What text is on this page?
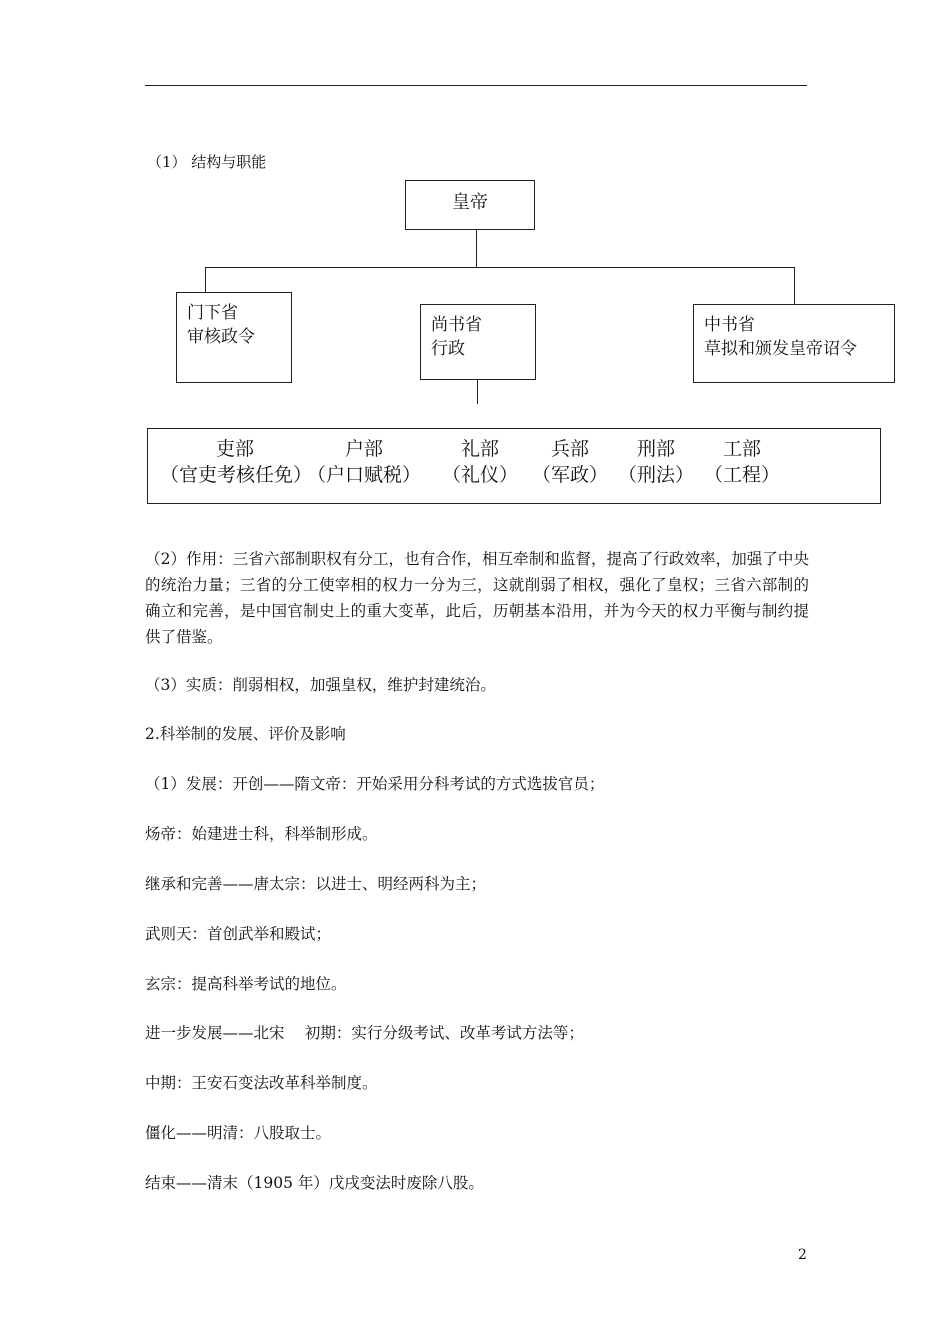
（1） 结构与职能
皇帝
门下省
审核政令
尚书省
行政
中书省
草拟和颁发皇帝诏令
吏部
（官吏考核任免）
户部
（户口赋税）
礼部
（礼仪）
兵部
（军政）
刑部
（刑法）
工部
（工程）
（2）作用：三省六部制职权有分工，也有合作，相互牵制和监督，提高了行政效率，加强了中央的统治力量；三省的分工使宰相的权力一分为三，这就削弱了相权，强化了皇权；三省六部制的确立和完善，是中国官制史上的重大变革，此后，历朝基本沿用，并为今天的权力平衡与制约提供了借鉴。
（3）实质：削弱相权，加强皇权，维护封建统治。
2.科举制的发展、评价及影响
（1）发展：开创——隋文帝：开始采用分科考试的方式选拔官员；
炀帝：始建进士科，科举制形成。
继承和完善——唐太宗：以进士、明经两科为主；
武则天：首创武举和殿试；
玄宗：提高科举考试的地位。
进一步发展——北宋　 初期：实行分级考试、改革考试方法等；
中期：王安石变法改革科举制度。
僵化——明清：八股取士。
结束——清末（1905 年）戊戌变法时废除八股。
2
